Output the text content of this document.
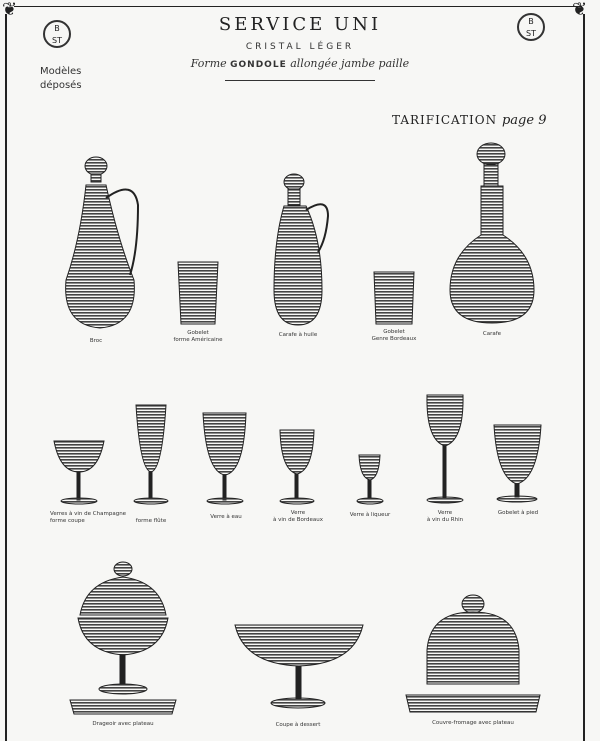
❦	❦
B
ST
B
ST
SERVICE UNI
CRISTAL LÉGER
Forme GONDOLE allongée jambe paille
Modèles
déposés
TARIFICATION page 9
Broc
Gobelet
forme Américaine
Carafe à huile	Gobelet
Genre Bordeaux
Carafe
Verres à vin de Champagne
forme coupe	forme flûte
Verre à eau
Verre
à vin de Bordeaux
Verre à liqueur	Verre
à vin du Rhin
Gobelet à pied
Drageoir avec plateau	Coupe à dessert	Couvre-fromage avec plateau
